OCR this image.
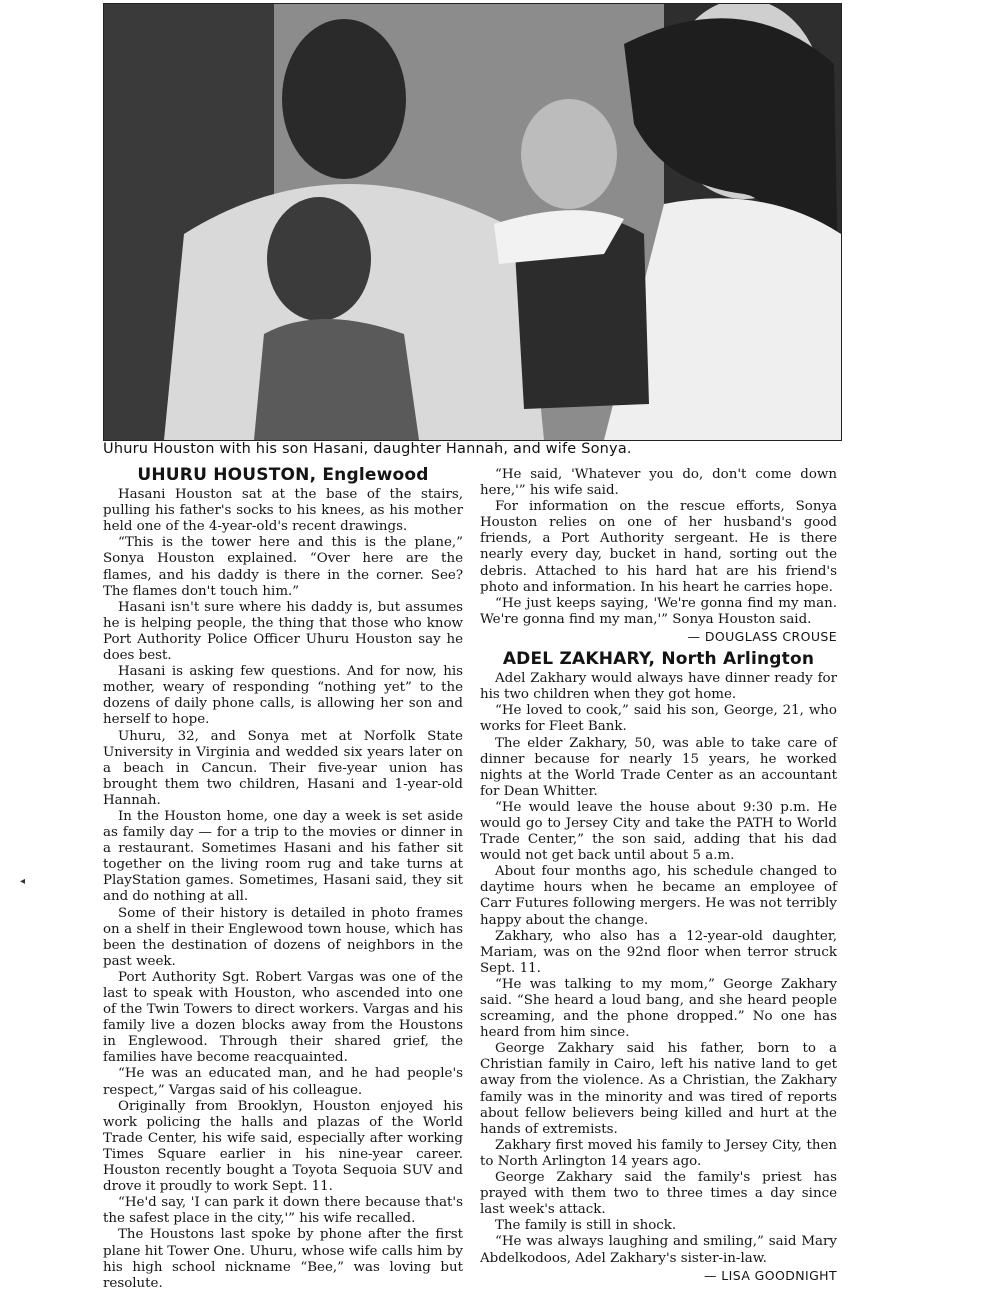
Uhuru Houston with his son Hasani, daughter Hannah, and wife Sonya.
UHURU HOUSTON, Englewood

Hasani Houston sat at the base of the stairs, pulling his father's socks to his knees, as his mother held one of the 4-year-old's recent drawings.

“This is the tower here and this is the plane,” Sonya Houston explained. “Over here are the flames, and his daddy is there in the corner. See? The flames don't touch him.”

Hasani isn't sure where his daddy is, but assumes he is helping people, the thing that those who know Port Authority Police Officer Uhuru Houston say he does best.

Hasani is asking few questions. And for now, his mother, weary of responding “nothing yet” to the dozens of daily phone calls, is allowing her son and herself to hope.

Uhuru, 32, and Sonya met at Norfolk State University in Virginia and wedded six years later on a beach in Cancun. Their five-year union has brought them two children, Hasani and 1-year-old Hannah.

In the Houston home, one day a week is set aside as family day — for a trip to the movies or dinner in a restaurant. Sometimes Hasani and his father sit together on the living room rug and take turns at PlayStation games. Sometimes, Hasani said, they sit and do nothing at all.

Some of their history is detailed in photo frames on a shelf in their Englewood town house, which has been the destination of dozens of neighbors in the past week.

Port Authority Sgt. Robert Vargas was one of the last to speak with Houston, who ascended into one of the Twin Towers to direct workers. Vargas and his family live a dozen blocks away from the Houstons in Englewood. Through their shared grief, the families have become reacquainted.

“He was an educated man, and he had people's respect,” Vargas said of his colleague.

Originally from Brooklyn, Houston enjoyed his work policing the halls and plazas of the World Trade Center, his wife said, especially after working Times Square earlier in his nine-year career. Houston recently bought a Toyota Sequoia SUV and drove it proudly to work Sept. 11.

“He'd say, 'I can park it down there because that's the safest place in the city,'” his wife recalled.

The Houstons last spoke by phone after the first plane hit Tower One. Uhuru, whose wife calls him by his high school nickname “Bee,” was loving but resolute.

“He said, 'Whatever you do, don't come down here,'” his wife said.

For information on the rescue efforts, Sonya Houston relies on one of her husband's good friends, a Port Authority sergeant. He is there nearly every day, bucket in hand, sorting out the debris. Attached to his hard hat are his friend's photo and information. In his heart he carries hope.

“He just keeps saying, 'We're gonna find my man. We're gonna find my man,'” Sonya Houston said.

— DOUGLASS CROUSE
ADEL ZAKHARY, North Arlington

Adel Zakhary would always have dinner ready for his two children when they got home.

“He loved to cook,” said his son, George, 21, who works for Fleet Bank.

The elder Zakhary, 50, was able to take care of dinner because for nearly 15 years, he worked nights at the World Trade Center as an accountant for Dean Whitter.

“He would leave the house about 9:30 p.m. He would go to Jersey City and take the PATH to World Trade Center,” the son said, adding that his dad would not get back until about 5 a.m.

About four months ago, his schedule changed to daytime hours when he became an employee of Carr Futures following mergers. He was not terribly happy about the change.

Zakhary, who also has a 12-year-old daughter, Mariam, was on the 92nd floor when terror struck Sept. 11.

“He was talking to my mom,” George Zakhary said. “She heard a loud bang, and she heard people screaming, and the phone dropped.” No one has heard from him since.

George Zakhary said his father, born to a Christian family in Cairo, left his native land to get away from the violence. As a Christian, the Zakhary family was in the minority and was tired of reports about fellow believers being killed and hurt at the hands of extremists.

Zakhary first moved his family to Jersey City, then to North Arlington 14 years ago.

George Zakhary said the family's priest has prayed with them two to three times a day since last week's attack.

The family is still in shock.

“He was always laughing and smiling,” said Mary Abdelkodoos, Adel Zakhary's sister-in-law.

— LISA GOODNIGHT
◂
